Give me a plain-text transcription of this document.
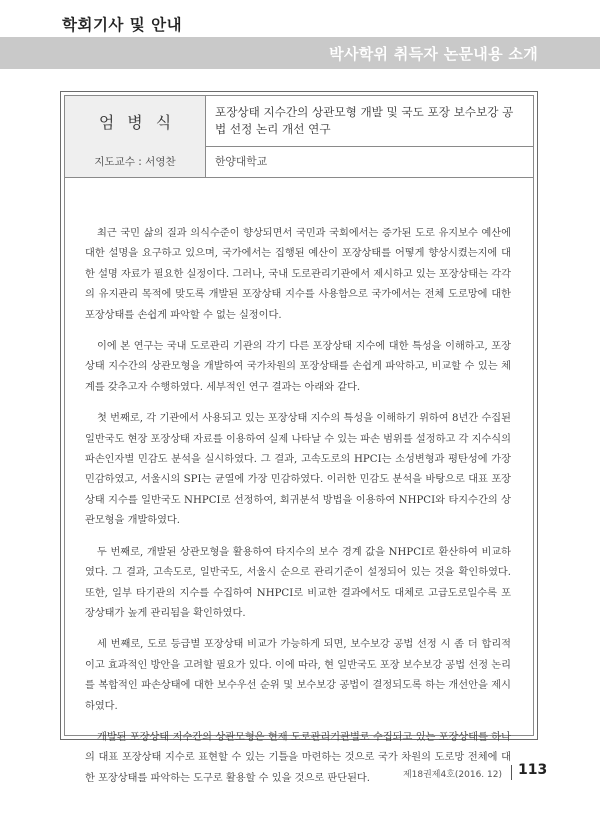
학회기사 및 안내
박사학위 취득자 논문내용 소개
엄병식
포장상태 지수간의 상관모형 개발 및 국도 포장 보수보강 공법 선정 논리 개선 연구
지도교수 : 서영찬	한양대학교

최근 국민 삶의 질과 의식수준이 향상되면서 국민과 국회에서는 증가된 도로 유지보수 예산에 대한 설명을 요구하고 있으며, 국가에서는 집행된 예산이 포장상태를 어떻게 향상시켰는지에 대한 설명 자료가 필요한 실정이다. 그러나, 국내 도로관리기관에서 제시하고 있는 포장상태는 각각의 유지관리 목적에 맞도록 개발된 포장상태 지수를 사용함으로 국가에서는 전체 도로망에 대한 포장상태를 손쉽게 파악할 수 없는 실정이다.

이에 본 연구는 국내 도로관리 기관의 각기 다른 포장상태 지수에 대한 특성을 이해하고, 포장상태 지수간의 상관모형을 개발하여 국가차원의 포장상태를 손쉽게 파악하고, 비교할 수 있는 체계를 갖추고자 수행하였다. 세부적인 연구 결과는 아래와 같다.

첫 번째로, 각 기관에서 사용되고 있는 포장상태 지수의 특성을 이해하기 위하여 8년간 수집된 일반국도 현장 포장상태 자료를 이용하여 실제 나타날 수 있는 파손 범위를 설정하고 각 지수식의 파손인자별 민감도 분석을 실시하였다. 그 결과, 고속도로의 HPCI는 소성변형과 평탄성에 가장 민감하였고, 서울시의 SPI는 균열에 가장 민감하였다. 이러한 민감도 분석을 바탕으로 대표 포장상태 지수를 일반국도 NHPCI로 선정하여, 회귀분석 방법을 이용하여 NHPCI와 타지수간의 상관모형을 개발하였다.

두 번째로, 개발된 상관모형을 활용하여 타지수의 보수 경계 값을 NHPCI로 환산하여 비교하였다. 그 결과, 고속도로, 일반국도, 서울시 순으로 관리기준이 설정되어 있는 것을 확인하였다. 또한, 일부 타기관의 지수를 수집하여 NHPCI로 비교한 결과에서도 대체로 고급도로일수록 포장상태가 높게 관리됨을 확인하였다.

세 번째로, 도로 등급별 포장상태 비교가 가능하게 되면, 보수보강 공법 선정 시 좀 더 합리적이고 효과적인 방안을 고려할 필요가 있다. 이에 따라, 현 일반국도 포장 보수보강 공법 선정 논리를 복합적인 파손상태에 대한 보수우선 순위 및 보수보강 공법이 결정되도록 하는 개선안을 제시하였다.

개발된 포장상태 지수간의 상관모형은 현재 도로관리기관별로 수집되고 있는 포장상태를 하나의 대표 포장상태 지수로 표현할 수 있는 기틀을 마련하는 것으로 국가 차원의 도로망 전체에 대한 포장상태를 파악하는 도구로 활용할 수 있을 것으로 판단된다.	제18권제4호(2016. 12) 113
